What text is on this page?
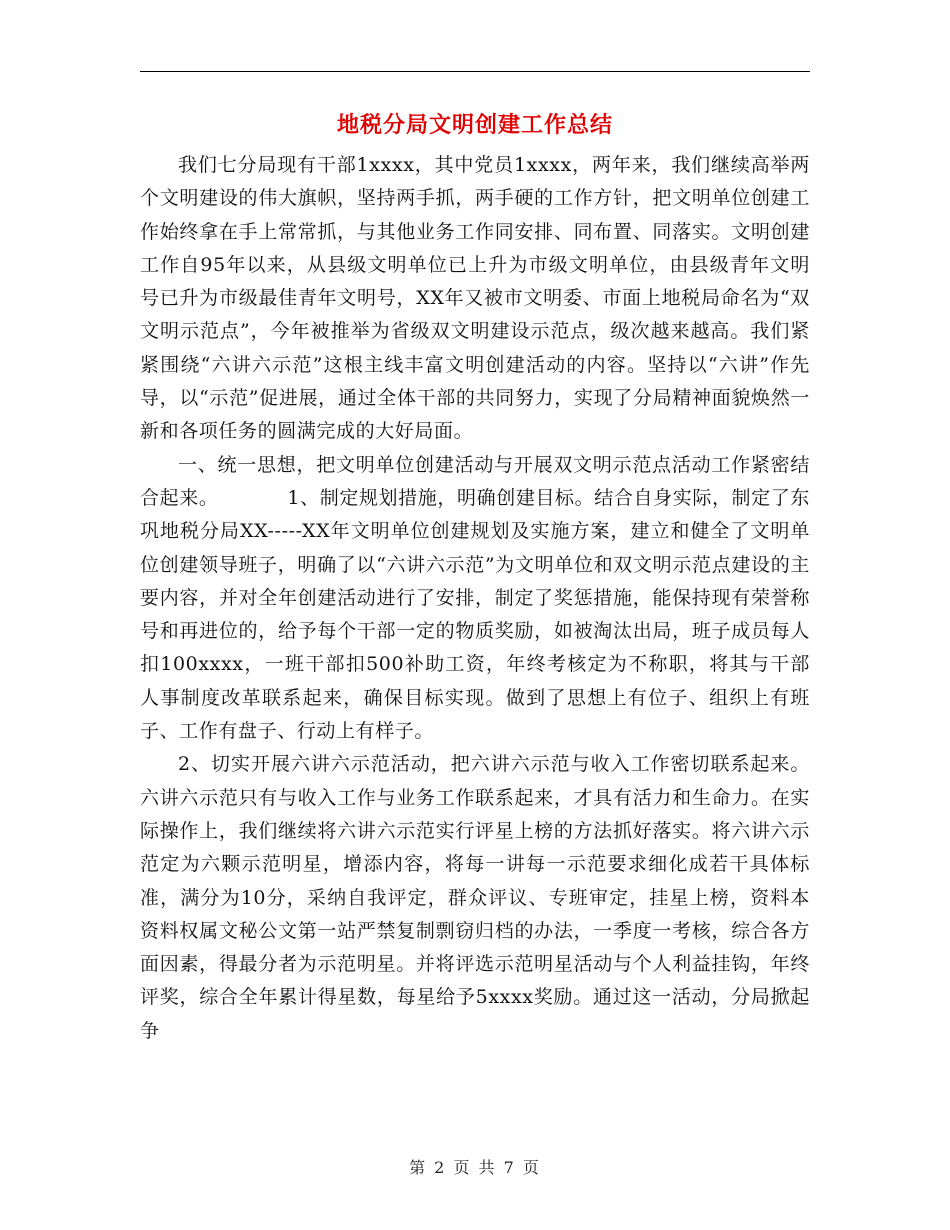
地税分局文明创建工作总结

我们七分局现有干部1xxxx，其中党员1xxxx，两年来，我们继续高举两个文明建设的伟大旗帜，坚持两手抓，两手硬的工作方针，把文明单位创建工作始终拿在手上常常抓，与其他业务工作同安排、同布置、同落实。文明创建工作自95年以来，从县级文明单位已上升为市级文明单位，由县级青年文明号已升为市级最佳青年文明号，XX年又被市文明委、市面上地税局命名为“双文明示范点”，今年被推举为省级双文明建设示范点，级次越来越高。我们紧紧围绕“六讲六示范”这根主线丰富文明创建活动的内容。坚持以“六讲”作先导，以“示范”促进展，通过全体干部的共同努力，实现了分局精神面貌焕然一新和各项任务的圆满完成的大好局面。

一、统一思想，把文明单位创建活动与开展双文明示范点活动工作紧密结合起来。　　　　1、制定规划措施，明确创建目标。结合自身实际，制定了东巩地税分局XX-----XX年文明单位创建规划及实施方案，建立和健全了文明单位创建领导班子，明确了以“六讲六示范”为文明单位和双文明示范点建设的主要内容，并对全年创建活动进行了安排，制定了奖惩措施，能保持现有荣誉称号和再进位的，给予每个干部一定的物质奖励，如被淘汰出局，班子成员每人扣100xxxx，一班干部扣500补助工资，年终考核定为不称职，将其与干部人事制度改革联系起来，确保目标实现。做到了思想上有位子、组织上有班子、工作有盘子、行动上有样子。

2、切实开展六讲六示范活动，把六讲六示范与收入工作密切联系起来。六讲六示范只有与收入工作与业务工作联系起来，才具有活力和生命力。在实际操作上，我们继续将六讲六示范实行评星上榜的方法抓好落实。将六讲六示范定为六颗示范明星，增添内容，将每一讲每一示范要求细化成若干具体标准，满分为10分，采纳自我评定，群众评议、专班审定，挂星上榜，资料本资料权属文秘公文第一站严禁复制剽窃归档的办法，一季度一考核，综合各方面因素，得最分者为示范明星。并将评选示范明星活动与个人利益挂钩，年终评奖，综合全年累计得星数，每星给予5xxxx奖励。通过这一活动，分局掀起争

第 2 页 共 7 页
